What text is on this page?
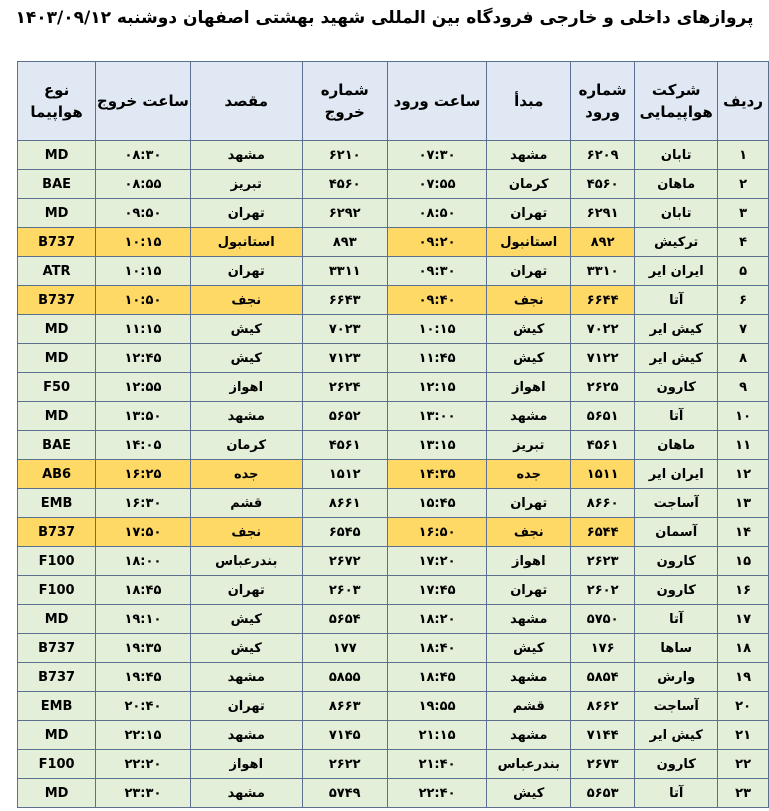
پروازهای داخلی و خارجی فرودگاه بین المللی شهید بهشتی اصفهان دوشنبه ۱۴۰۳/۰۹/۱۲
ردیف	شرکت هواپیمایی	شماره ورود	مبدأ	ساعت ورود	شماره خروج	مقصد	ساعت خروج	نوع هواپیما
۱	تابان	۶۲۰۹	مشهد	۰۷:۳۰	۶۲۱۰	مشهد	۰۸:۳۰	MD
۲	ماهان	۴۵۶۰	کرمان	۰۷:۵۵	۴۵۶۰	تبریز	۰۸:۵۵	BAE
۳	تابان	۶۲۹۱	تهران	۰۸:۵۰	۶۲۹۲	تهران	۰۹:۵۰	MD
۴	ترکیش	۸۹۲	استانبول	۰۹:۲۰	۸۹۳	استانبول	۱۰:۱۵	B737
۵	ایران ایر	۳۳۱۰	تهران	۰۹:۳۰	۳۳۱۱	تهران	۱۰:۱۵	ATR
۶	آتا	۶۶۴۴	نجف	۰۹:۴۰	۶۶۴۳	نجف	۱۰:۵۰	B737
۷	کیش ایر	۷۰۲۲	کیش	۱۰:۱۵	۷۰۲۳	کیش	۱۱:۱۵	MD
۸	کیش ایر	۷۱۲۲	کیش	۱۱:۴۵	۷۱۲۳	کیش	۱۲:۴۵	MD
۹	کارون	۲۶۲۵	اهواز	۱۲:۱۵	۲۶۲۴	اهواز	۱۲:۵۵	F50
۱۰	آتا	۵۶۵۱	مشهد	۱۳:۰۰	۵۶۵۲	مشهد	۱۳:۵۰	MD
۱۱	ماهان	۴۵۶۱	تبریز	۱۳:۱۵	۴۵۶۱	کرمان	۱۴:۰۵	BAE
۱۲	ایران ایر	۱۵۱۱	جده	۱۴:۳۵	۱۵۱۲	جده	۱۶:۲۵	AB6
۱۳	آساجت	۸۶۶۰	تهران	۱۵:۴۵	۸۶۶۱	قشم	۱۶:۳۰	EMB
۱۴	آسمان	۶۵۴۴	نجف	۱۶:۵۰	۶۵۴۵	نجف	۱۷:۵۰	B737
۱۵	کارون	۲۶۲۳	اهواز	۱۷:۲۰	۲۶۷۲	بندرعباس	۱۸:۰۰	F100
۱۶	کارون	۲۶۰۲	تهران	۱۷:۴۵	۲۶۰۳	تهران	۱۸:۴۵	F100
۱۷	آتا	۵۷۵۰	مشهد	۱۸:۲۰	۵۶۵۴	کیش	۱۹:۱۰	MD
۱۸	ساها	۱۷۶	کیش	۱۸:۴۰	۱۷۷	کیش	۱۹:۳۵	B737
۱۹	وارش	۵۸۵۴	مشهد	۱۸:۴۵	۵۸۵۵	مشهد	۱۹:۴۵	B737
۲۰	آساجت	۸۶۶۲	قشم	۱۹:۵۵	۸۶۶۳	تهران	۲۰:۴۰	EMB
۲۱	کیش ایر	۷۱۴۴	مشهد	۲۱:۱۵	۷۱۴۵	مشهد	۲۲:۱۵	MD
۲۲	کارون	۲۶۷۳	بندرعباس	۲۱:۴۰	۲۶۲۲	اهواز	۲۲:۲۰	F100
۲۳	آتا	۵۶۵۳	کیش	۲۲:۴۰	۵۷۴۹	مشهد	۲۳:۳۰	MD
